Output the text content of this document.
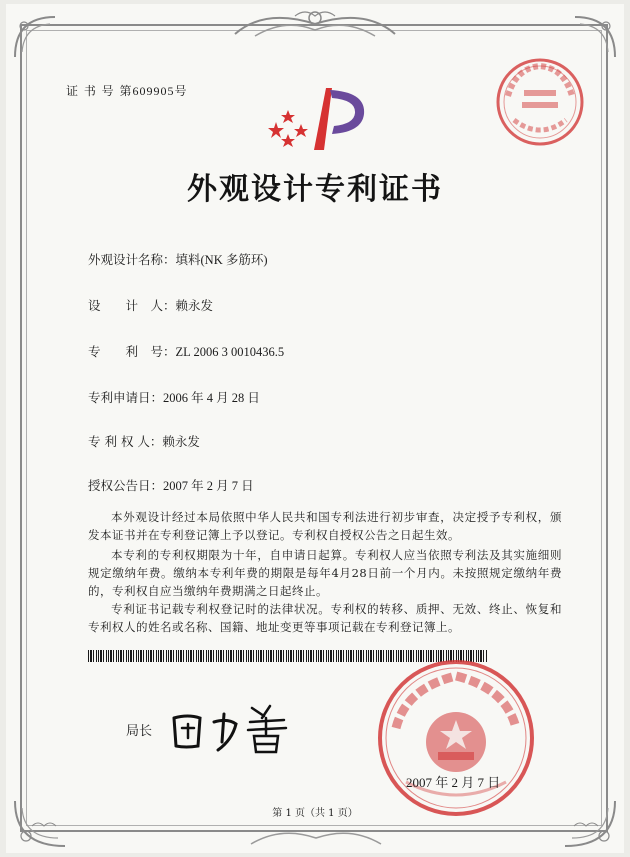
证 书 号 第609905号
外观设计专利证书
外观设计名称：填料(NK 多筋环)
设　　计　人：赖永发
专　　利　号：ZL 2006 3 0010436.5
专利申请日：2006 年 4 月 28 日
专 利 权 人：赖永发
授权公告日：2007 年 2 月 7 日
本外观设计经过本局依照中华人民共和国专利法进行初步审查，决定授予专利权，颁发本证书并在专利登记簿上予以登记。专利权自授权公告之日起生效。
本专利的专利权期限为十年，自申请日起算。专利权人应当依照专利法及其实施细则规定缴纳年费。缴纳本专利年费的期限是每年4月28日前一个月内。未按照规定缴纳年费的，专利权自应当缴纳年费期满之日起终止。
专利证书记载专利权登记时的法律状况。专利权的转移、质押、无效、终止、恢复和专利权人的姓名或名称、国籍、地址变更等事项记载在专利登记簿上。
局长
2007 年 2 月 7 日
第 1 页（共 1 页）
